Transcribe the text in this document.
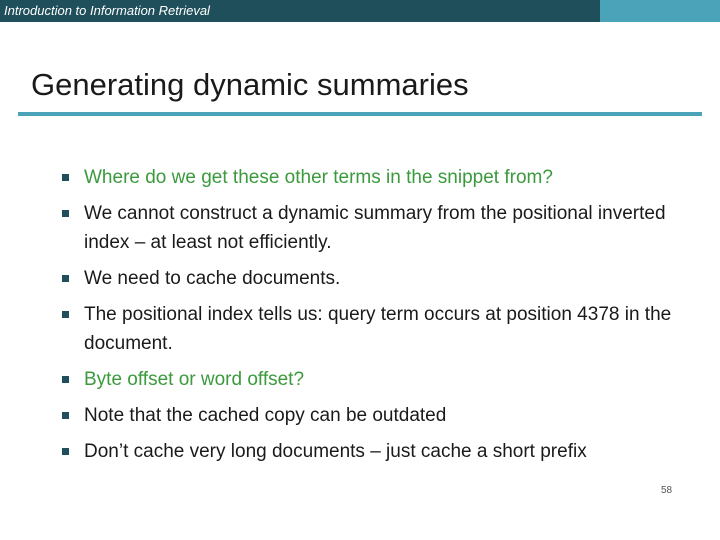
Introduction to Information Retrieval
Generating dynamic summaries
Where do we get these other terms in the snippet from?
We cannot construct a dynamic summary from the positional inverted index – at least not efficiently.
We need to cache documents.
The positional index tells us: query term occurs at position 4378 in the document.
Byte offset or word offset?
Note that the cached copy can be outdated
Don’t cache very long documents – just cache a short prefix
58
